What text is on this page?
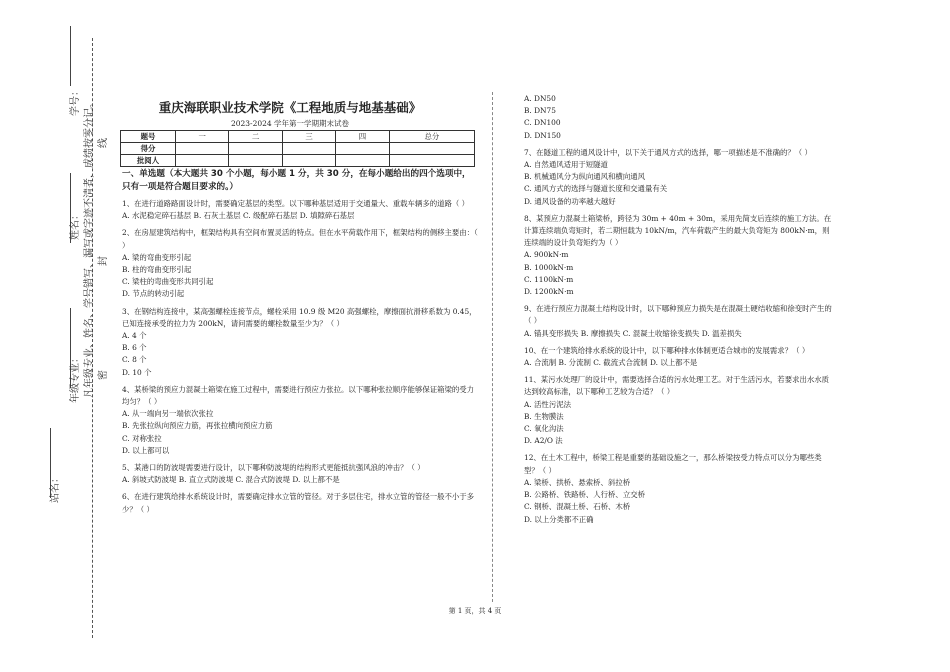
学号：
姓名：
年级专业：
站名：
凡年级专业、姓名、学号错写、漏写或字迹不清者，成绩按零分记。 密
封
线
重庆海联职业技术学院《工程地质与地基基础》
2023-2024 学年第一学期期末试卷
题号	一	二	三	四	总分
得分					
批阅人					
一、单选题（本大题共 30 个小题，每小题 1 分，共 30 分，在每小题给出的四个选项中，只有一项是符合题目要求的。）
1、在进行道路路面设计时，需要确定基层的类型。以下哪种基层适用于交通量大、重载车辆多的道路（ ）
A. 水泥稳定碎石基层 B. 石灰土基层 C. 级配碎石基层 D. 填隙碎石基层
2、在房屋建筑结构中，框架结构具有空间布置灵活的特点。但在水平荷载作用下，框架结构的侧移主要由：（ ）
A. 梁的弯曲变形引起
B. 柱的弯曲变形引起
C. 梁柱的弯曲变形共同引起
D. 节点的转动引起
3、在钢结构连接中，某高强螺栓连接节点，螺栓采用 10.9 级 M20 高强螺栓，摩擦面抗滑移系数为 0.45，已知连接承受的拉力为 200kN，请问需要的螺栓数量至少为？（ ）
A. 4 个
B. 6 个
C. 8 个
D. 10 个
4、某桥梁的预应力混凝土箱梁在施工过程中，需要进行预应力张拉。以下哪种张拉顺序能够保证箱梁的受力均匀？（ ）
A. 从一端向另一端依次张拉
B. 先张拉纵向预应力筋，再张拉横向预应力筋
C. 对称张拉
D. 以上都可以
5、某港口的防波堤需要进行设计，以下哪种防波堤的结构形式更能抵抗强风浪的冲击？（ ）
A. 斜坡式防波堤 B. 直立式防波堤 C. 混合式防波堤 D. 以上都不是
6、在进行建筑给排水系统设计时，需要确定排水立管的管径。对于多层住宅，排水立管的管径一般不小于多少？（ ）
A. DN50
B. DN75
C. DN100
D. DN150
7、在隧道工程的通风设计中，以下关于通风方式的选择，哪一项描述是不准确的？（ ）
A. 自然通风适用于短隧道
B. 机械通风分为纵向通风和横向通风
C. 通风方式的选择与隧道长度和交通量有关
D. 通风设备的功率越大越好
8、某预应力混凝土箱梁桥，跨径为 30m + 40m + 30m，采用先简支后连续的施工方法。在计算连续端负弯矩时，若二期恒载为 10kN/m，汽车荷载产生的最大负弯矩为 800kN·m，则连续端的设计负弯矩约为（ ）
A. 900kN·m
B. 1000kN·m
C. 1100kN·m
D. 1200kN·m
9、在进行预应力混凝土结构设计时，以下哪种预应力损失是在混凝土硬结收缩和徐变时产生的（ ）
A. 锚具变形损失 B. 摩擦损失 C. 混凝土收缩徐变损失 D. 温差损失
10、在一个建筑给排水系统的设计中，以下哪种排水体制更适合城市的发展需求？（ ）
A. 合流制 B. 分流制 C. 截流式合流制 D. 以上都不是
11、某污水处理厂的设计中，需要选择合适的污水处理工艺。对于生活污水，若要求出水水质达到较高标准，以下哪种工艺较为合适？（ ）
A. 活性污泥法
B. 生物膜法
C. 氧化沟法
D. A2/O 法
12、在土木工程中，桥梁工程是重要的基础设施之一，那么桥梁按受力特点可以分为哪些类型？（ ）
A. 梁桥、拱桥、悬索桥、斜拉桥
B. 公路桥、铁路桥、人行桥、立交桥
C. 钢桥、混凝土桥、石桥、木桥
D. 以上分类都不正确
第 1 页，共 4 页
